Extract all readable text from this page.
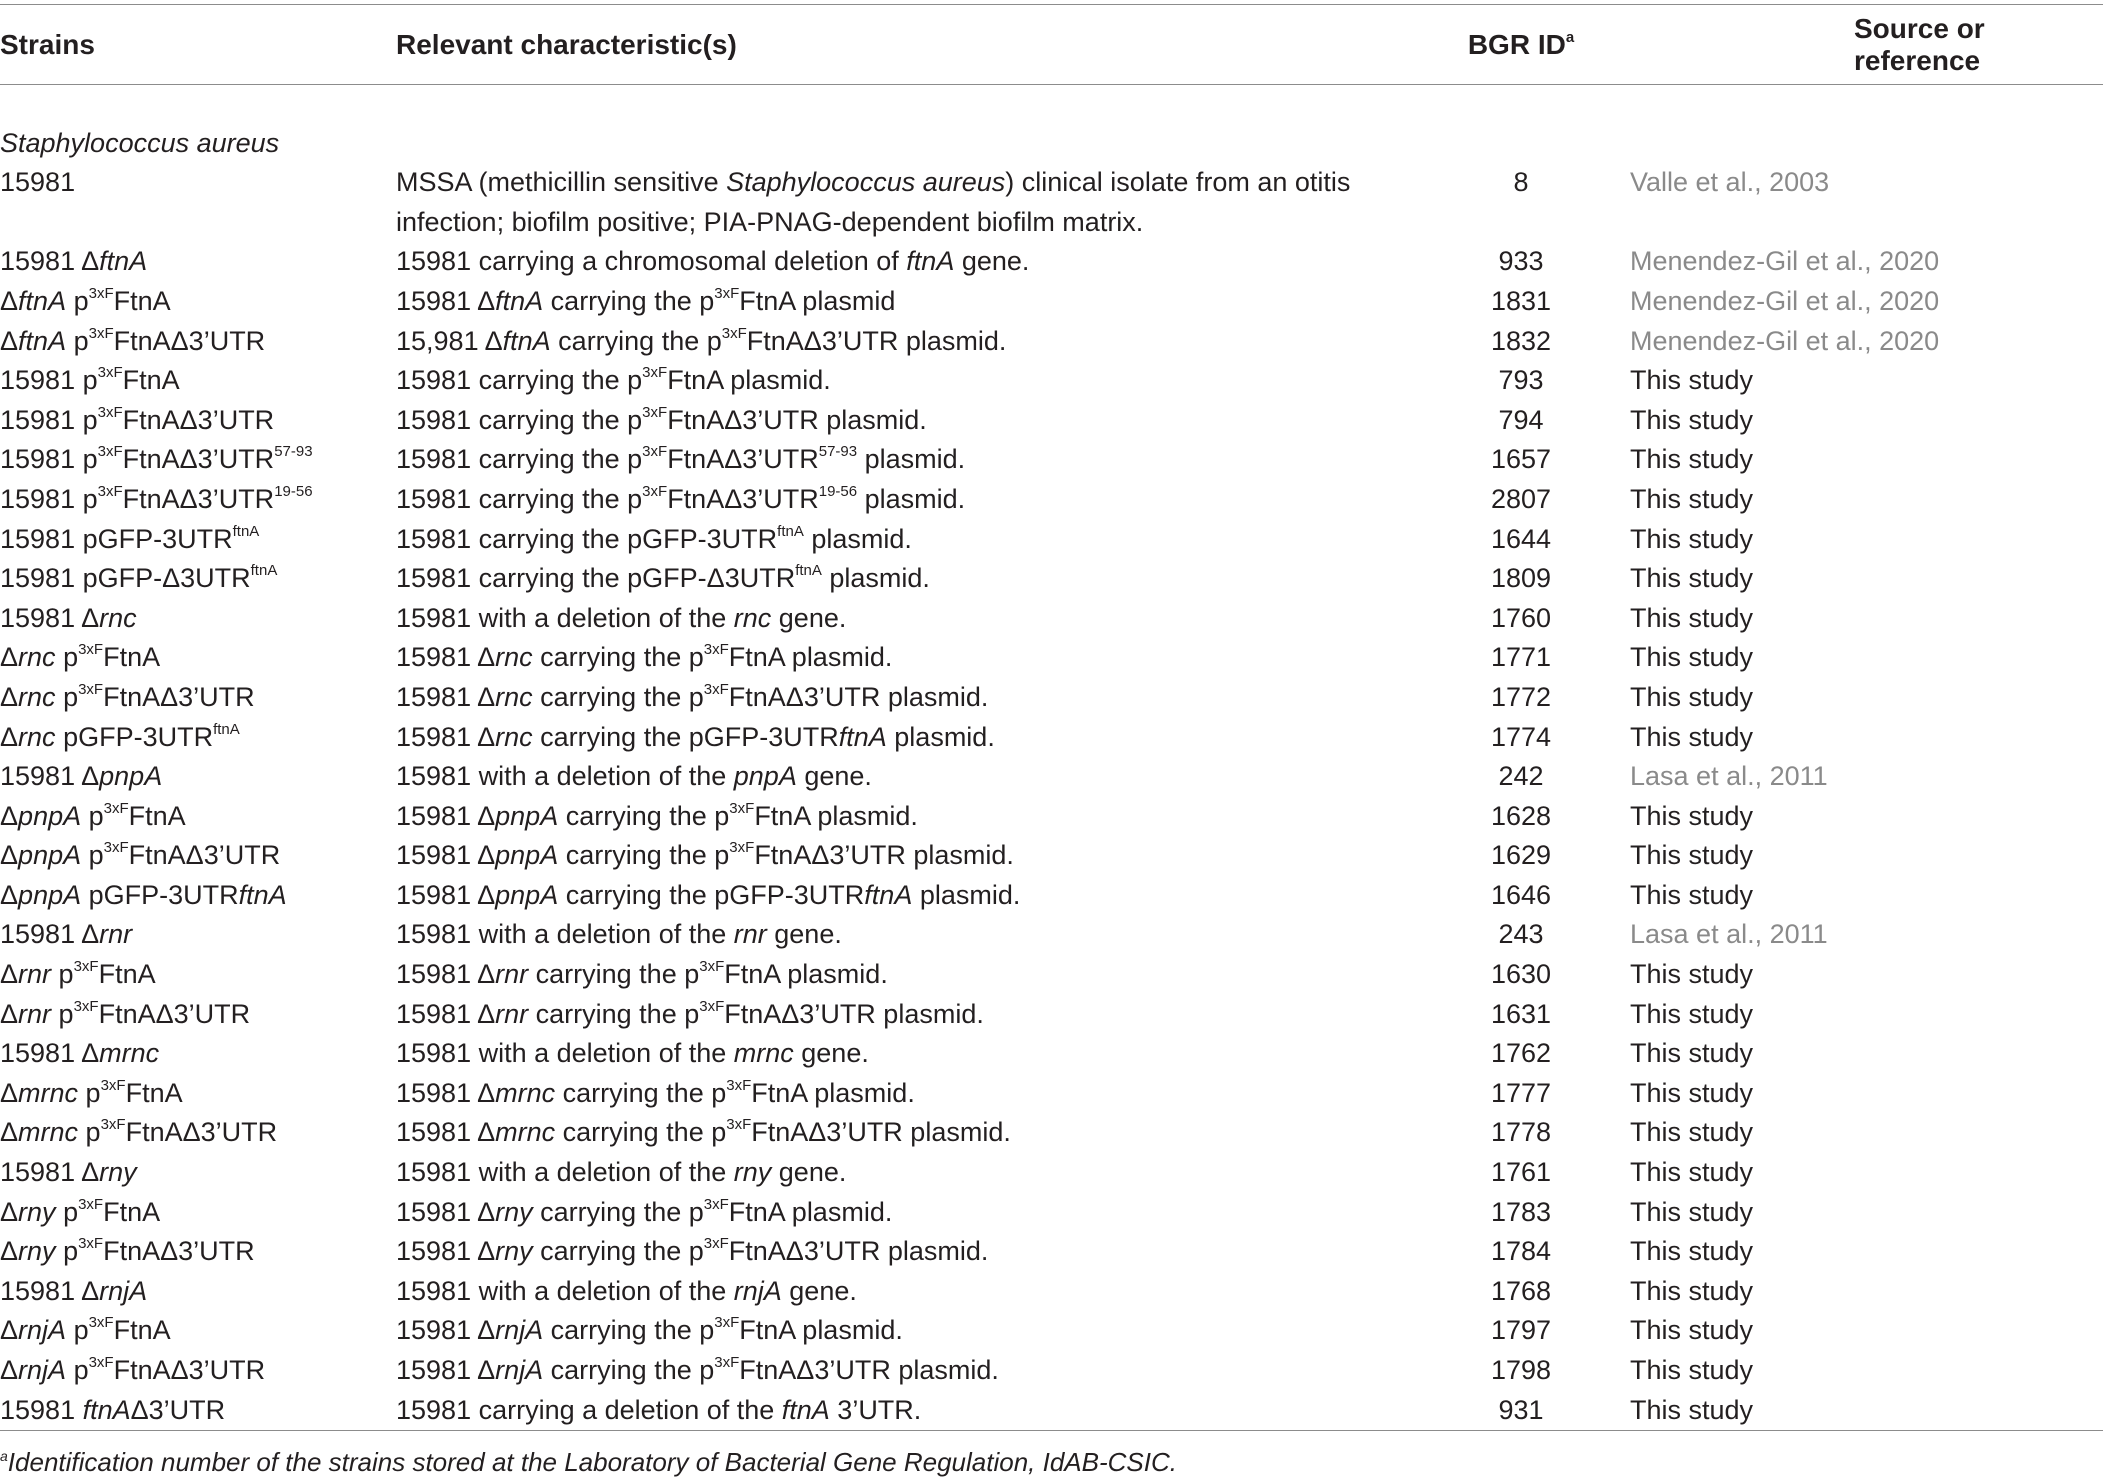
Strains	Relevant characteristic(s)	BGR $ID^a$	Source or reference

Staphylococcus aureus			
15981	MSSA (methicillin sensitive Staphylococcus aureus) clinical isolate from an otitis infection; biofilm positive; PIA-PNAG-dependent biofilm matrix.	8	Valle et al., 2003
15981 ΔftnA	15981 carrying a chromosomal deletion of ftnA gene.	933	Menendez-Gil et al., 2020
ΔftnA $p^{3xF}FtnA$	15981 ΔftnA carrying the $p^{3xF}FtnA$ plasmid	1831	Menendez-Gil et al., 2020
ΔftnA $p^{3xF}FtnA\Delta 3’UTR$	15,981 ΔftnA carrying the $p^{3xF}FtnA\Delta 3’UTR$ plasmid.	1832	Menendez-Gil et al., 2020
15981 $p^{3xF}FtnA$	15981 carrying the $p^{3xF}FtnA$ plasmid.	793	This study
15981 $p^{3xF}FtnA\Delta 3’UTR$	15981 carrying the $p^{3xF}FtnA\Delta 3’UTR$ plasmid.	794	This study
15981 $p^{3xF}FtnA\Delta 3’UTR^{57-93}$	15981 carrying the $p^{3xF}FtnA\Delta 3’UTR^{57-93}$ plasmid.	1657	This study
15981 $p^{3xF}FtnA\Delta 3’UTR^{19-56}$	15981 carrying the $p^{3xF}FtnA\Delta 3’UTR^{19-56}$ plasmid.	2807	This study
15981 pGFP-$3UTR^{ftnA}$	15981 carrying the pGFP-$3UTR^{ftnA}$ plasmid.	1644	This study
15981 pGFP-$\Delta 3UTR^{ftnA}$	15981 carrying the pGFP-$\Delta 3UTR^{ftnA}$ plasmid.	1809	This study
15981 Δrnc	15981 with a deletion of the rnc gene.	1760	This study
Δrnc $p^{3xF}FtnA$	15981 Δrnc carrying the $p^{3xF}FtnA$ plasmid.	1771	This study
Δrnc $p^{3xF}FtnA\Delta 3’UTR$	15981 Δrnc carrying the $p^{3xF}FtnA\Delta 3’UTR$ plasmid.	1772	This study
Δrnc pGFP-$3UTR^{ftnA}$	15981 Δrnc carrying the pGFP-3UTRftnA plasmid.	1774	This study
15981 ΔpnpA	15981 with a deletion of the pnpA gene.	242	Lasa et al., 2011
ΔpnpA $p^{3xF}FtnA$	15981 ΔpnpA carrying the $p^{3xF}FtnA$ plasmid.	1628	This study
ΔpnpA $p^{3xF}FtnA\Delta 3’UTR$	15981 ΔpnpA carrying the $p^{3xF}FtnA\Delta 3’UTR$ plasmid.	1629	This study
ΔpnpA pGFP-3UTRftnA	15981 ΔpnpA carrying the pGFP-3UTRftnA plasmid.	1646	This study
15981 Δrnr	15981 with a deletion of the rnr gene.	243	Lasa et al., 2011
Δrnr $p^{3xF}FtnA$	15981 Δrnr carrying the $p^{3xF}FtnA$ plasmid.	1630	This study
Δrnr $p^{3xF}FtnA\Delta 3’UTR$	15981 Δrnr carrying the $p^{3xF}FtnA\Delta 3’UTR$ plasmid.	1631	This study
15981 Δmrnc	15981 with a deletion of the mrnc gene.	1762	This study
Δmrnc $p^{3xF}FtnA$	15981 Δmrnc carrying the $p^{3xF}FtnA$ plasmid.	1777	This study
Δmrnc $p^{3xF}FtnA\Delta 3’UTR$	15981 Δmrnc carrying the $p^{3xF}FtnA\Delta 3’UTR$ plasmid.	1778	This study
15981 Δrny	15981 with a deletion of the rny gene.	1761	This study
Δrny $p^{3xF}FtnA$	15981 Δrny carrying the $p^{3xF}FtnA$ plasmid.	1783	This study
Δrny $p^{3xF}FtnA\Delta 3’UTR$	15981 Δrny carrying the $p^{3xF}FtnA\Delta 3’UTR$ plasmid.	1784	This study
15981 ΔrnjA	15981 with a deletion of the rnjA gene.	1768	This study
ΔrnjA $p^{3xF}FtnA$	15981 ΔrnjA carrying the $p^{3xF}FtnA$ plasmid.	1797	This study
ΔrnjA $p^{3xF}FtnA\Delta 3’UTR$	15981 ΔrnjA carrying the $p^{3xF}FtnA\Delta 3’UTR$ plasmid.	1798	This study
15981 ftnAΔ3’UTR	15981 carrying a deletion of the ftnA 3’UTR.	931	This study
$^a$Identification number of the strains stored at the Laboratory of Bacterial Gene Regulation, IdAB-CSIC.
